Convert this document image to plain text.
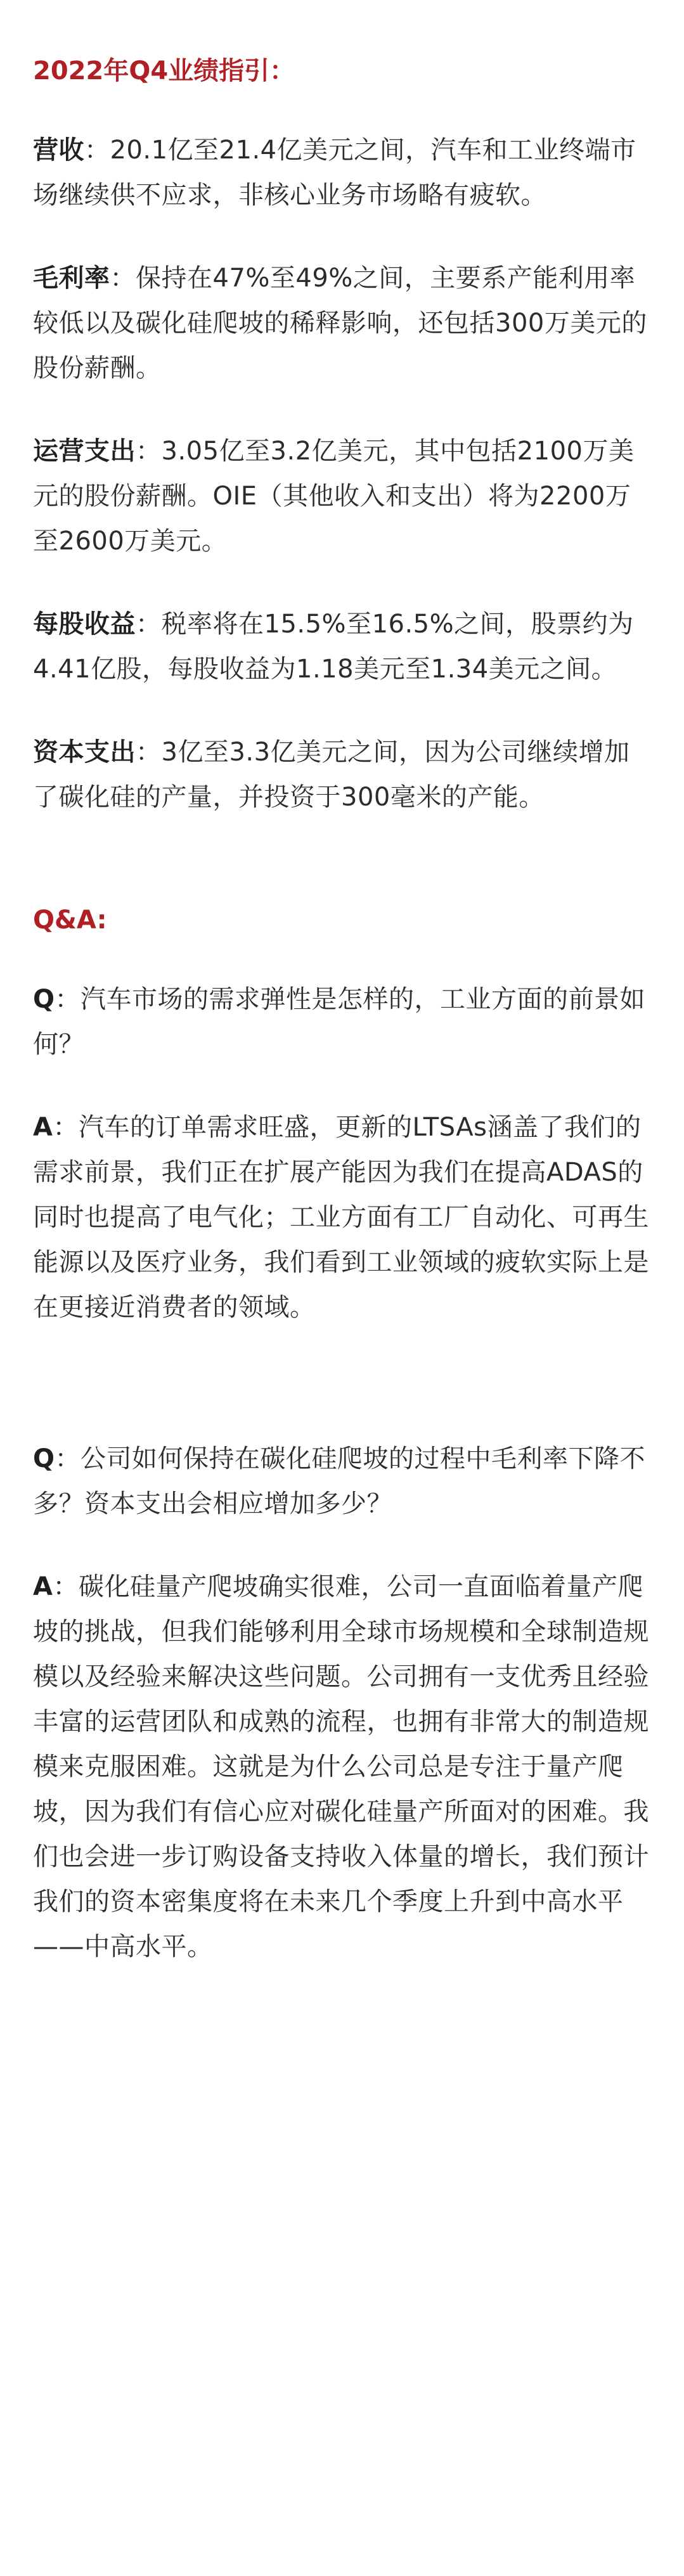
2022年Q4业绩指引：

营收：20.1亿至21.4亿美元之间，汽车和工业终端市场继续供不应求，非核心业务市场略有疲软。

毛利率：保持在47%至49%之间，主要系产能利用率较低以及碳化硅爬坡的稀释影响，还包括300万美元的股份薪酬。

运营支出：3.05亿至3.2亿美元，其中包括2100万美元的股份薪酬。OIE（其他收入和支出）将为2200万至2600万美元。

每股收益：税率将在15.5%至16.5%之间，股票约为4.41亿股，每股收益为1.18美元至1.34美元之间。

资本支出：3亿至3.3亿美元之间，因为公司继续增加了碳化硅的产量，并投资于300毫米的产能。

Q&A:

Q：汽车市场的需求弹性是怎样的，工业方面的前景如何？

A：汽车的订单需求旺盛，更新的LTSAs涵盖了我们的需求前景，我们正在扩展产能因为我们在提高ADAS的同时也提高了电气化；工业方面有工厂自动化、可再生能源以及医疗业务，我们看到工业领域的疲软实际上是在更接近消费者的领域。

Q：公司如何保持在碳化硅爬坡的过程中毛利率下降不多？资本支出会相应增加多少？

A：碳化硅量产爬坡确实很难，公司一直面临着量产爬坡的挑战，但我们能够利用全球市场规模和全球制造规模以及经验来解决这些问题。公司拥有一支优秀且经验丰富的运营团队和成熟的流程，也拥有非常大的制造规模来克服困难。这就是为什么公司总是专注于量产爬坡，因为我们有信心应对碳化硅量产所面对的困难。我们也会进一步订购设备支持收入体量的增长，我们预计我们的资本密集度将在未来几个季度上升到中高水平——中高水平。
